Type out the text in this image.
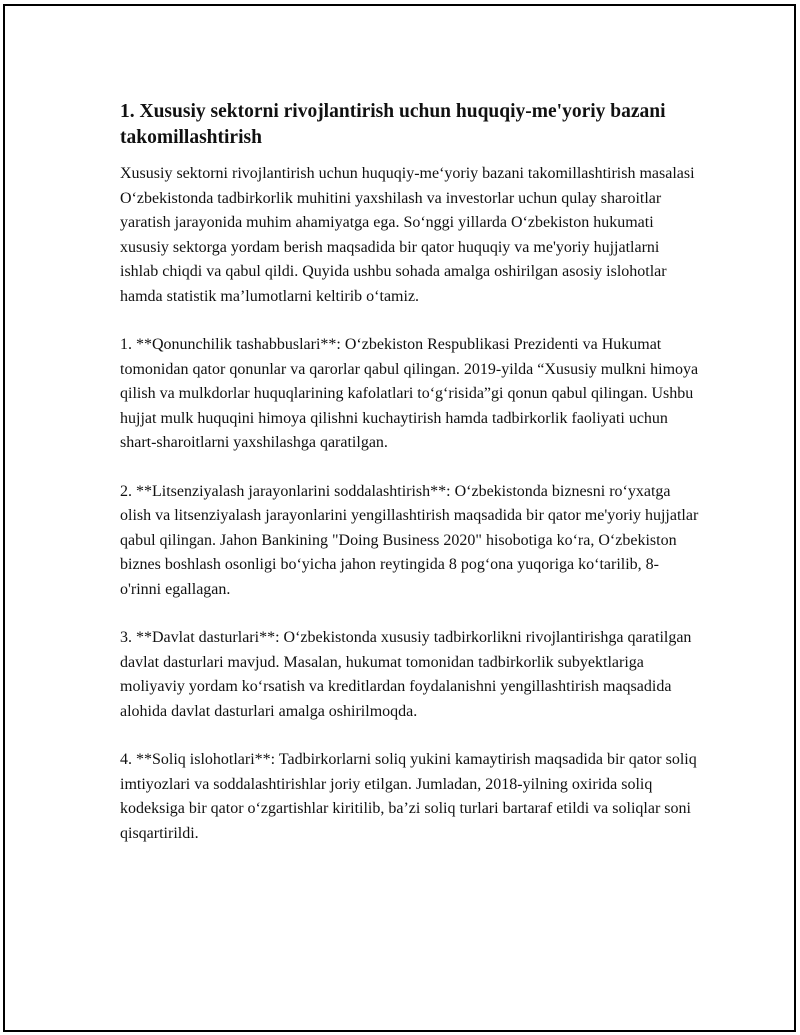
1. Xususiy sektorni rivojlantirish uchun huquqiy-me'yoriy bazani takomillashtirish

Xususiy sektorni rivojlantirish uchun huquqiy-me‘yoriy bazani takomillashtirish masalasi O‘zbekistonda tadbirkorlik muhitini yaxshilash va investorlar uchun qulay sharoitlar yaratish jarayonida muhim ahamiyatga ega. So‘nggi yillarda O‘zbekiston hukumati xususiy sektorga yordam berish maqsadida bir qator huquqiy va me'yoriy hujjatlarni ishlab chiqdi va qabul qildi. Quyida ushbu sohada amalga oshirilgan asosiy islohotlar hamda statistik ma’lumotlarni keltirib o‘tamiz.

1. **Qonunchilik tashabbuslari**: O‘zbekiston Respublikasi Prezidenti va Hukumat tomonidan qator qonunlar va qarorlar qabul qilingan. 2019-yilda “Xususiy mulkni himoya qilish va mulkdorlar huquqlarining kafolatlari to‘g‘risida”gi qonun qabul qilingan. Ushbu hujjat mulk huquqini himoya qilishni kuchaytirish hamda tadbirkorlik faoliyati uchun shart-sharoitlarni yaxshilashga qaratilgan.

2. **Litsenziyalash jarayonlarini soddalashtirish**: O‘zbekistonda biznesni ro‘yxatga olish va litsenziyalash jarayonlarini yengillashtirish maqsadida bir qator me'yoriy hujjatlar qabul qilingan. Jahon Bankining "Doing Business 2020" hisobotiga ko‘ra, O‘zbekiston biznes boshlash osonligi bo‘yicha jahon reytingida 8 pog‘ona yuqoriga ko‘tarilib, 8-o'rinni egallagan.

3. **Davlat dasturlari**: O‘zbekistonda xususiy tadbirkorlikni rivojlantirishga qaratilgan davlat dasturlari mavjud. Masalan, hukumat tomonidan tadbirkorlik subyektlariga moliyaviy yordam ko‘rsatish va kreditlardan foydalanishni yengillashtirish maqsadida alohida davlat dasturlari amalga oshirilmoqda.

4. **Soliq islohotlari**: Tadbirkorlarni soliq yukini kamaytirish maqsadida bir qator soliq imtiyozlari va soddalashtirishlar joriy etilgan. Jumladan, 2018-yilning oxirida soliq kodeksiga bir qator o‘zgartishlar kiritilib, ba’zi soliq turlari bartaraf etildi va soliqlar soni qisqartirildi.
